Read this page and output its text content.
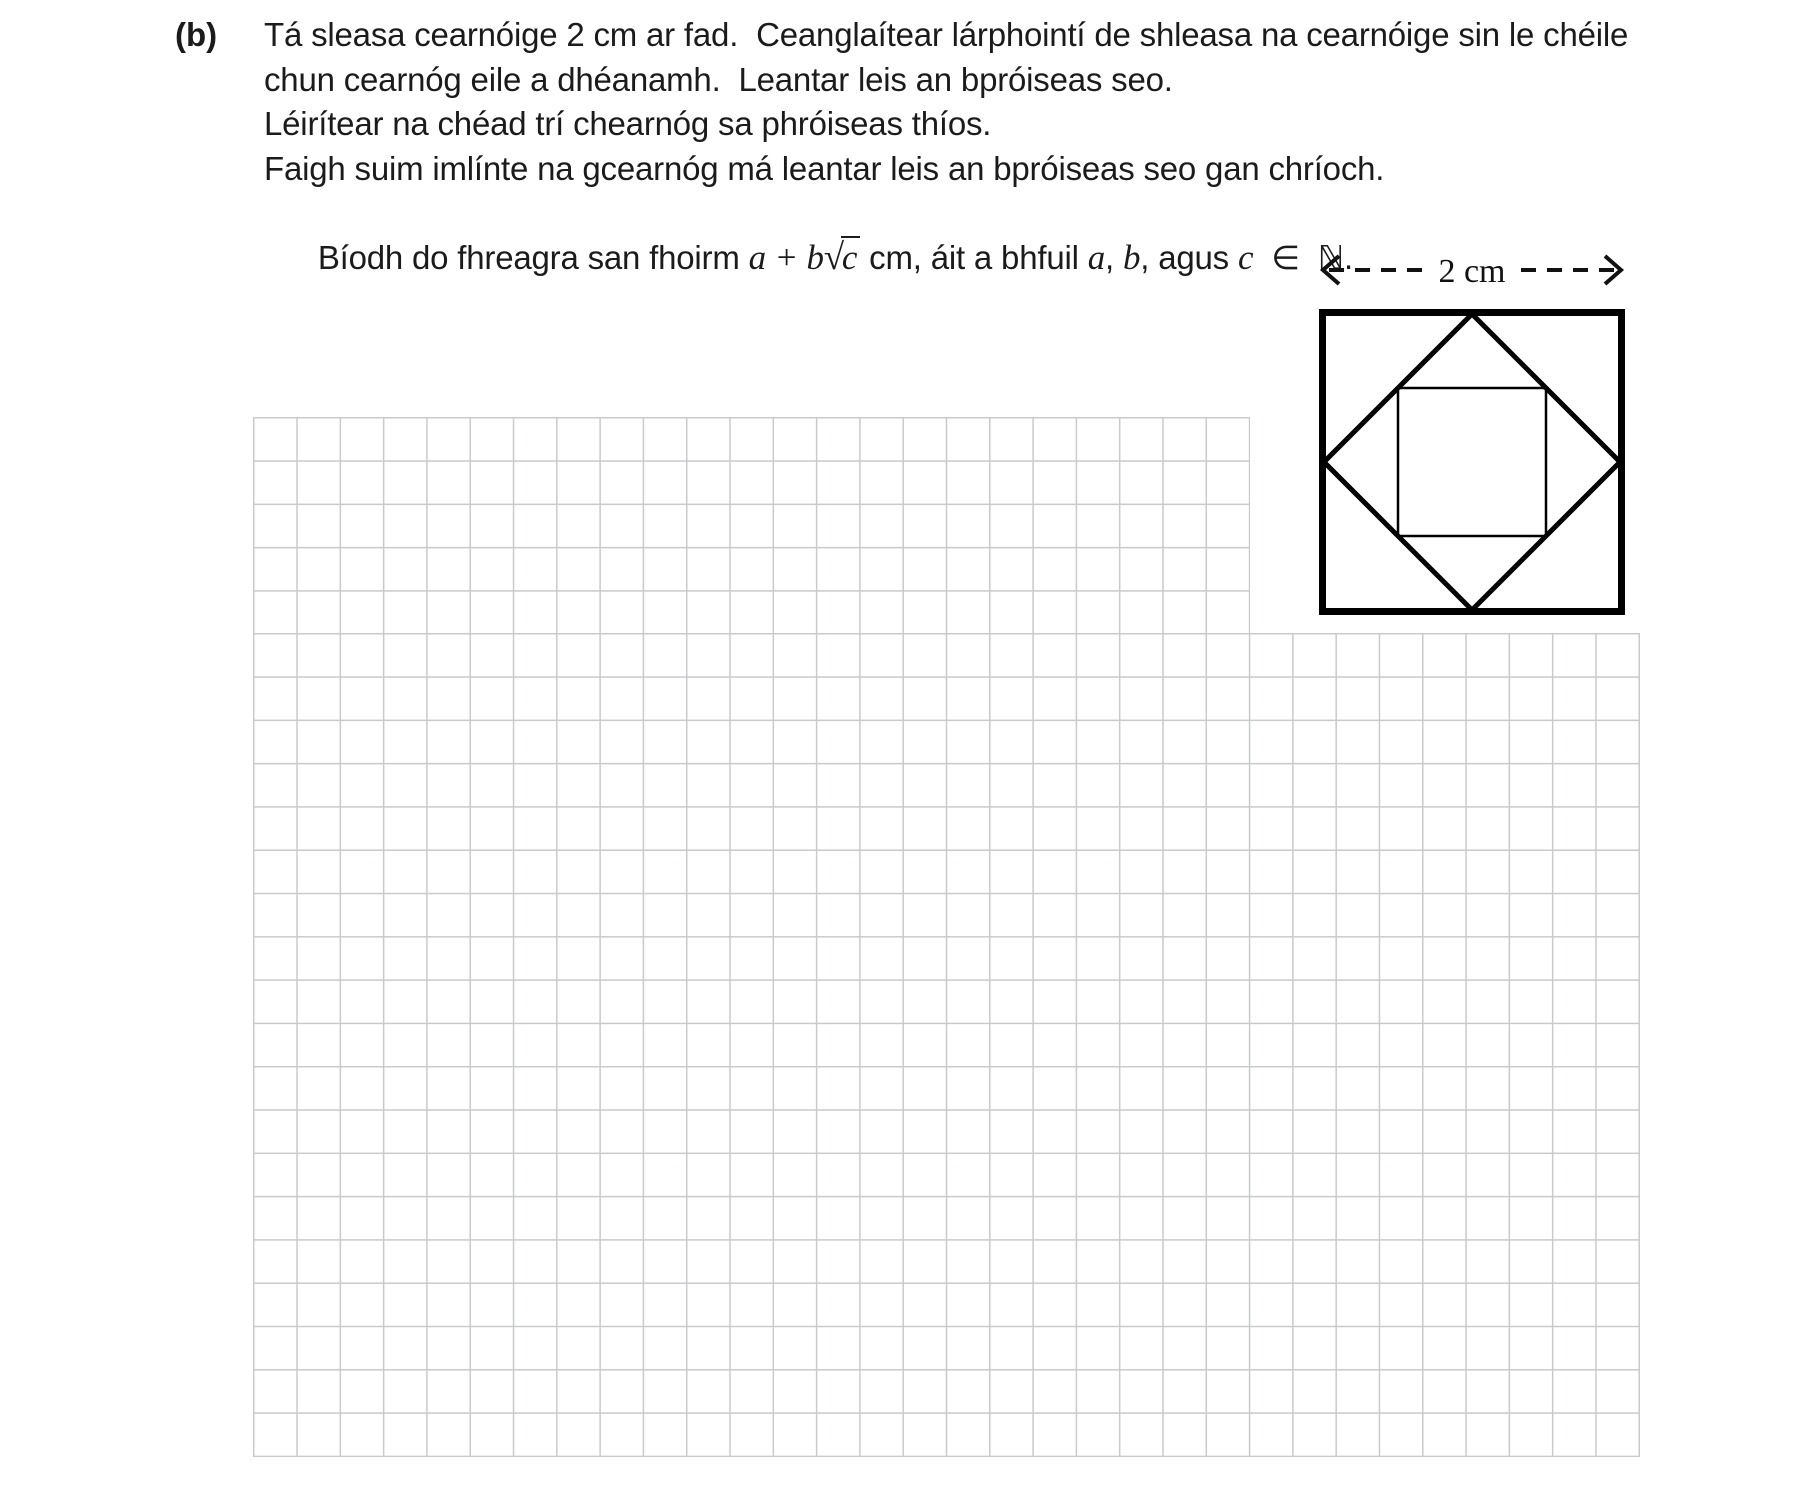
(b) Tá sleasa cearnóige 2 cm ar fad.  Ceanglaítear lárphointí de shleasa na cearnóige sin le chéile
chun cearnóg eile a dhéanamh.  Leantar leis an bpróiseas seo.
Léirítear na chéad trí chearnóg sa phróiseas thíos.
Faigh suim imlínte na gcearnóg má leantar leis an bpróiseas seo gan chríoch.

Bíodh do fhreagra san fhoirm a + b√c cm, áit a bhfuil a, b, agus c  ∈  ℕ.
	2 cm
